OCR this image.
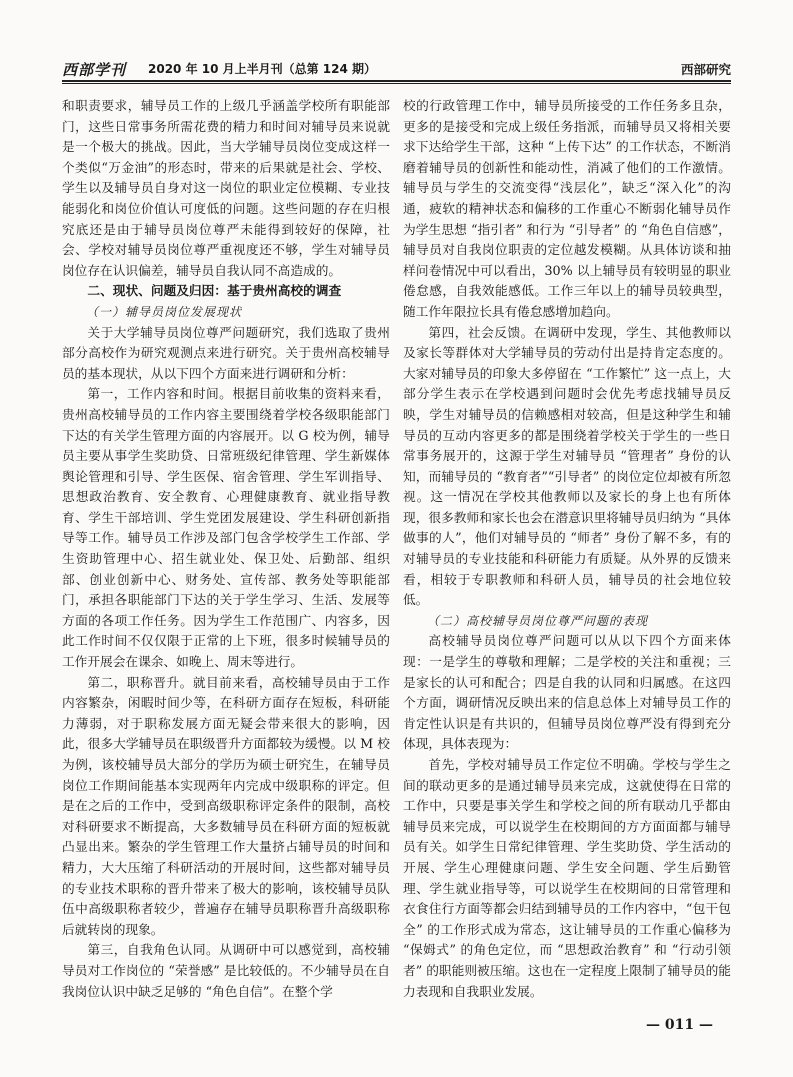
西部学刊 2020 年 10 月上半月刊（总第 124 期）	西部研究

和职责要求，辅导员工作的上级几乎涵盖学校所有职能部门，这些日常事务所需花费的精力和时间对辅导员来说就是一个极大的挑战。因此，当大学辅导员岗位变成这样一个类似“万金油”的形态时，带来的后果就是社会、学校、学生以及辅导员自身对这一岗位的职业定位模糊、专业技能弱化和岗位价值认可度低的问题。这些问题的存在归根究底还是由于辅导员岗位尊严未能得到较好的保障，社会、学校对辅导员岗位尊严重视度还不够，学生对辅导员岗位存在认识偏差，辅导员自我认同不高造成的。

二、现状、问题及归因：基于贵州高校的调查
（一）辅导员岗位发展现状

关于大学辅导员岗位尊严问题研究，我们选取了贵州部分高校作为研究观测点来进行研究。关于贵州高校辅导员的基本现状，从以下四个方面来进行调研和分析：

第一，工作内容和时间。根据目前收集的资料来看，贵州高校辅导员的工作内容主要围绕着学校各级职能部门下达的有关学生管理方面的内容展开。以 G 校为例，辅导员主要从事学生奖助贷、日常班级纪律管理、学生新媒体舆论管理和引导、学生医保、宿舍管理、学生军训指导、思想政治教育、安全教育、心理健康教育、就业指导教育、学生干部培训、学生党团发展建设、学生科研创新指导等工作。辅导员工作涉及部门包含学校学生工作部、学生资助管理中心、招生就业处、保卫处、后勤部、组织部、创业创新中心、财务处、宣传部、教务处等职能部门，承担各职能部门下达的关于学生学习、生活、发展等方面的各项工作任务。因为学生工作范围广、内容多，因此工作时间不仅仅限于正常的上下班，很多时候辅导员的工作开展会在课余、如晚上、周末等进行。

第二，职称晋升。就目前来看，高校辅导员由于工作内容繁杂，闲暇时间少等，在科研方面存在短板，科研能力薄弱，对于职称发展方面无疑会带来很大的影响，因此，很多大学辅导员在职级晋升方面都较为缓慢。以 M 校为例，该校辅导员大部分的学历为硕士研究生，在辅导员岗位工作期间能基本实现两年内完成中级职称的评定。但是在之后的工作中，受到高级职称评定条件的限制，高校对科研要求不断提高，大多数辅导员在科研方面的短板就凸显出来。繁杂的学生管理工作大量挤占辅导员的时间和精力，大大压缩了科研活动的开展时间，这些都对辅导员的专业技术职称的晋升带来了极大的影响，该校辅导员队伍中高级职称者较少，普遍存在辅导员职称晋升高级职称后就转岗的现象。

第三，自我角色认同。从调研中可以感觉到，高校辅导员对工作岗位的 “荣誉感” 是比较低的。不少辅导员在自我岗位认识中缺乏足够的 “角色自信”。在整个学

校的行政管理工作中，辅导员所接受的工作任务多且杂，更多的是接受和完成上级任务指派，而辅导员又将相关要求下达给学生干部，这种 “上传下达” 的工作状态，不断消磨着辅导员的创新性和能动性，消减了他们的工作激情。辅导员与学生的交流变得“浅层化”，缺乏“深入化”的沟通，疲软的精神状态和偏移的工作重心不断弱化辅导员作为学生思想 “指引者” 和行为 “引导者” 的 “角色自信感”，辅导员对自我岗位职责的定位越发模糊。从具体访谈和抽样问卷情况中可以看出，30% 以上辅导员有较明显的职业倦怠感，自我效能感低。工作三年以上的辅导员较典型，随工作年限拉长具有倦怠感增加趋向。

第四，社会反馈。在调研中发现，学生、其他教师以及家长等群体对大学辅导员的劳动付出是持肯定态度的。大家对辅导员的印象大多停留在 “工作繁忙” 这一点上，大部分学生表示在学校遇到问题时会优先考虑找辅导员反映，学生对辅导员的信赖感相对较高，但是这种学生和辅导员的互动内容更多的都是围绕着学校关于学生的一些日常事务展开的，这源于学生对辅导员 “管理者” 身份的认知，而辅导员的 “教育者”“引导者” 的岗位定位却被有所忽视。这一情况在学校其他教师以及家长的身上也有所体现，很多教师和家长也会在潜意识里将辅导员归纳为 “具体做事的人”，他们对辅导员的 “师者” 身份了解不多，有的对辅导员的专业技能和科研能力有质疑。从外界的反馈来看，相较于专职教师和科研人员，辅导员的社会地位较低。

（二）高校辅导员岗位尊严问题的表现

高校辅导员岗位尊严问题可以从以下四个方面来体现：一是学生的尊敬和理解；二是学校的关注和重视；三是家长的认可和配合；四是自我的认同和归属感。在这四个方面，调研情况反映出来的信息总体上对辅导员工作的肯定性认识是有共识的，但辅导员岗位尊严没有得到充分体现，具体表现为：

首先，学校对辅导员工作定位不明确。学校与学生之间的联动更多的是通过辅导员来完成，这就使得在日常的工作中，只要是事关学生和学校之间的所有联动几乎都由辅导员来完成，可以说学生在校期间的方方面面都与辅导员有关。如学生日常纪律管理、学生奖助贷、学生活动的开展、学生心理健康问题、学生安全问题、学生后勤管理、学生就业指导等，可以说学生在校期间的日常管理和衣食住行方面等都会归结到辅导员的工作内容中，“包干包全” 的工作形式成为常态，这让辅导员的工作重心偏移为 “保姆式” 的角色定位，而 “思想政治教育” 和 “行动引领者” 的职能则被压缩。这也在一定程度上限制了辅导员的能力表现和自我职业发展。

— 011 —
